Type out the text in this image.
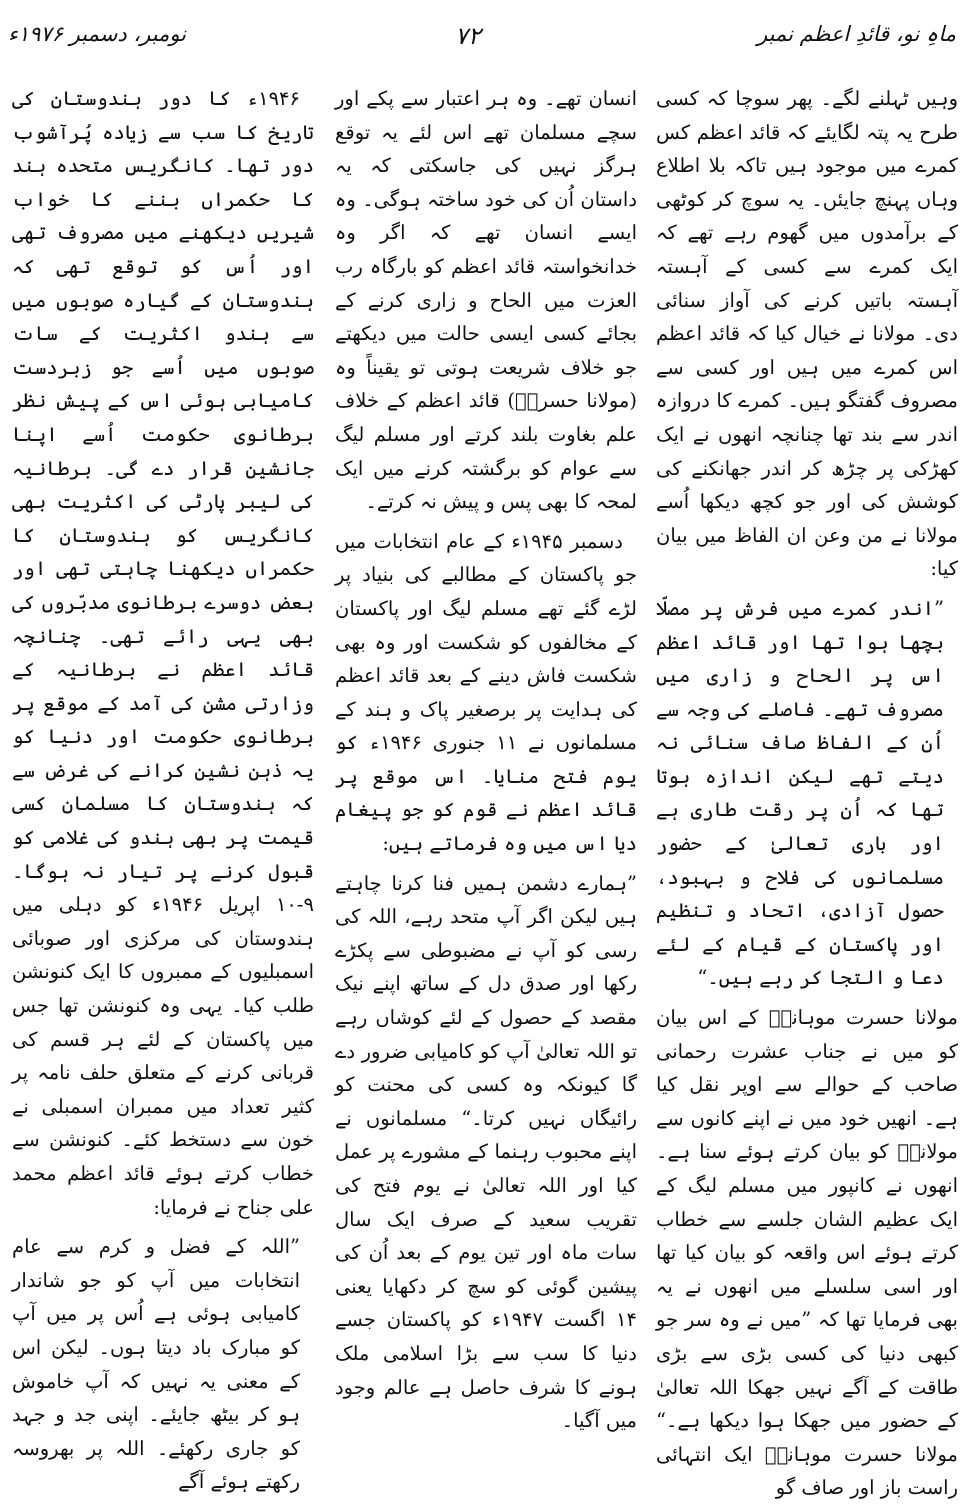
ماہِ نو، قائدِ اعظم نمبر
۷۲
نومبر، دسمبر ۱۹۷۶ء

وہیں ٹہلنے لگے۔ پھر سوچا کہ کسی طرح یہ پتہ لگایئے کہ قائد اعظم کس کمرے میں موجود ہیں تاکہ بلا اطلاع وہاں پہنچ جایئں۔ یہ سوچ کر کوٹھی کے برآمدوں میں گھوم رہے تھے کہ ایک کمرے سے کسی کے آہستہ آہستہ باتیں کرنے کی آواز سنائی دی۔ مولانا نے خیال کیا کہ قائد اعظم اس کمرے میں ہیں اور کسی سے مصروف گفتگو ہیں۔ کمرے کا دروازہ اندر سے بند تھا چنانچہ انھوں نے ایک کھڑکی پر چڑھ کر اندر جھانکنے کی کوشش کی اور جو کچھ دیکھا اُسے مولانا نے من وعن ان الفاظ میں بیان کیا:

”اندر کمرے میں فرش پر مصلّا بچھا ہوا تھا اور قائد اعظم اس پر الحاح و زاری میں مصروف تھے۔ فاصلے کی وجہ سے اُن کے الفاظ صاف سنائی نہ دیتے تھے لیکن اندازہ ہوتا تھا کہ اُن پر رقت طاری ہے اور باری تعالیٰ کے حضور مسلمانوں کی فلاح و بہبود، حصول آزادی، اتحاد و تنظیم اور پاکستان کے قیام کے لئے دعا و التجا کر رہے ہیں۔“

مولانا حسرت موہانیؒ کے اس بیان کو میں نے جناب عشرت رحمانی صاحب کے حوالے سے اوپر نقل کیا ہے۔ انھیں خود میں نے اپنے کانوں سے مولاناؒ کو بیان کرتے ہوئے سنا ہے۔ انھوں نے کانپور میں مسلم لیگ کے ایک عظیم الشان جلسے سے خطاب کرتے ہوئے اس واقعہ کو بیان کیا تھا اور اسی سلسلے میں انھوں نے یہ بھی فرمایا تھا کہ ”میں نے وہ سر جو کبھی دنیا کی کسی بڑی سے بڑی طاقت کے آگے نہیں جھکا اللہ تعالیٰ کے حضور میں جھکا ہوا دیکھا ہے۔“ مولانا حسرت موہانیؒ ایک انتہائی راست باز اور صاف گو

انسان تھے۔ وہ ہر اعتبار سے پکے اور سچے مسلمان تھے اس لئے یہ توقع ہرگز نہیں کی جاسکتی کہ یہ داستان اُن کی خود ساختہ ہوگی۔ وہ ایسے انسان تھے کہ اگر وہ خدانخواستہ قائد اعظم کو بارگاہ رب العزت میں الحاح و زاری کرنے کے بجائے کسی ایسی حالت میں دیکھتے جو خلاف شریعت ہوتی تو یقیناً وہ (مولانا حسرتؒ) قائد اعظم کے خلاف علم بغاوت بلند کرتے اور مسلم لیگ سے عوام کو برگشتہ کرنے میں ایک لمحہ کا بھی پس و پیش نہ کرتے۔

دسمبر ۱۹۴۵ء کے عام انتخابات میں جو پاکستان کے مطالبے کی بنیاد پر لڑے گئے تھے مسلم لیگ اور پاکستان کے مخالفوں کو شکست اور وہ بھی شکست فاش دینے کے بعد قائد اعظم کی ہدایت پر برصغیر پاک و ہند کے مسلمانوں نے ۱۱ جنوری ۱۹۴۶ء کو یوم فتح منایا۔ اس موقع پر قائد اعظم نے قوم کو جو پیغام دیا اس میں وہ فرماتے ہیں:

”ہمارے دشمن ہمیں فنا کرنا چاہتے ہیں لیکن اگر آپ متحد رہے، اللہ کی رسی کو آپ نے مضبوطی سے پکڑے رکھا اور صدق دل کے ساتھ اپنے نیک مقصد کے حصول کے لئے کوشاں رہے تو اللہ تعالیٰ آپ کو کامیابی ضرور دے گا کیونکہ وہ کسی کی محنت کو رائیگاں نہیں کرتا۔“ مسلمانوں نے اپنے محبوب رہنما کے مشورے پر عمل کیا اور اللہ تعالیٰ نے یوم فتح کی تقریب سعید کے صرف ایک سال سات ماہ اور تین یوم کے بعد اُن کی پیشین گوئی کو سچ کر دکھایا یعنی ۱۴ اگست ۱۹۴۷ء کو پاکستان جسے دنیا کا سب سے بڑا اسلامی ملک ہونے کا شرف حاصل ہے عالم وجود میں آگیا۔

۱۹۴۶ء کا دور ہندوستان کی تاریخ کا سب سے زیادہ پُرآشوب دور تھا۔ کانگریس متحدہ ہند کا حکمراں بننے کا خواب شیریں دیکھنے میں مصروف تھی اور اُس کو توقع تھی کہ ہندوستان کے گیارہ صوبوں میں سے ہندو اکثریت کے سات صوبوں میں اُسے جو زبردست کامیابی ہوئی اس کے پیش نظر برطانوی حکومت اُسے اپنا جانشین قرار دے گی۔ برطانیہ کی لیبر پارٹی کی اکثریت بھی کانگریس کو ہندوستان کا حکمراں دیکھنا چاہتی تھی اور بعض دوسرے برطانوی مدبّروں کی بھی یہی رائے تھی۔ چنانچہ قائد اعظم نے برطانیہ کے وزارتی مشن کی آمد کے موقع پر برطانوی حکومت اور دنیا کو یہ ذہن نشین کرانے کی غرض سے کہ ہندوستان کا مسلمان کسی قیمت پر بھی ہندو کی غلامی کو قبول کرنے پر تیار نہ ہوگا۔ ۹-۱۰ اپریل ۱۹۴۶ء کو دہلی میں ہندوستان کی مرکزی اور صوبائی اسمبلیوں کے ممبروں کا ایک کنونشن طلب کیا۔ یہی وہ کنونشن تھا جس میں پاکستان کے لئے ہر قسم کی قربانی کرنے کے متعلق حلف نامہ پر کثیر تعداد میں ممبران اسمبلی نے خون سے دستخط کئے۔ کنونشن سے خطاب کرتے ہوئے قائد اعظم محمد علی جناح نے فرمایا:

”اللہ کے فضل و کرم سے عام انتخابات میں آپ کو جو شاندار کامیابی ہوئی ہے اُس پر میں آپ کو مبارک باد دیتا ہوں۔ لیکن اس کے معنی یہ نہیں کہ آپ خاموش ہو کر بیٹھ جایئے۔ اپنی جد و جہد کو جاری رکھئے۔ اللہ پر بھروسہ رکھتے ہوئے آگے
